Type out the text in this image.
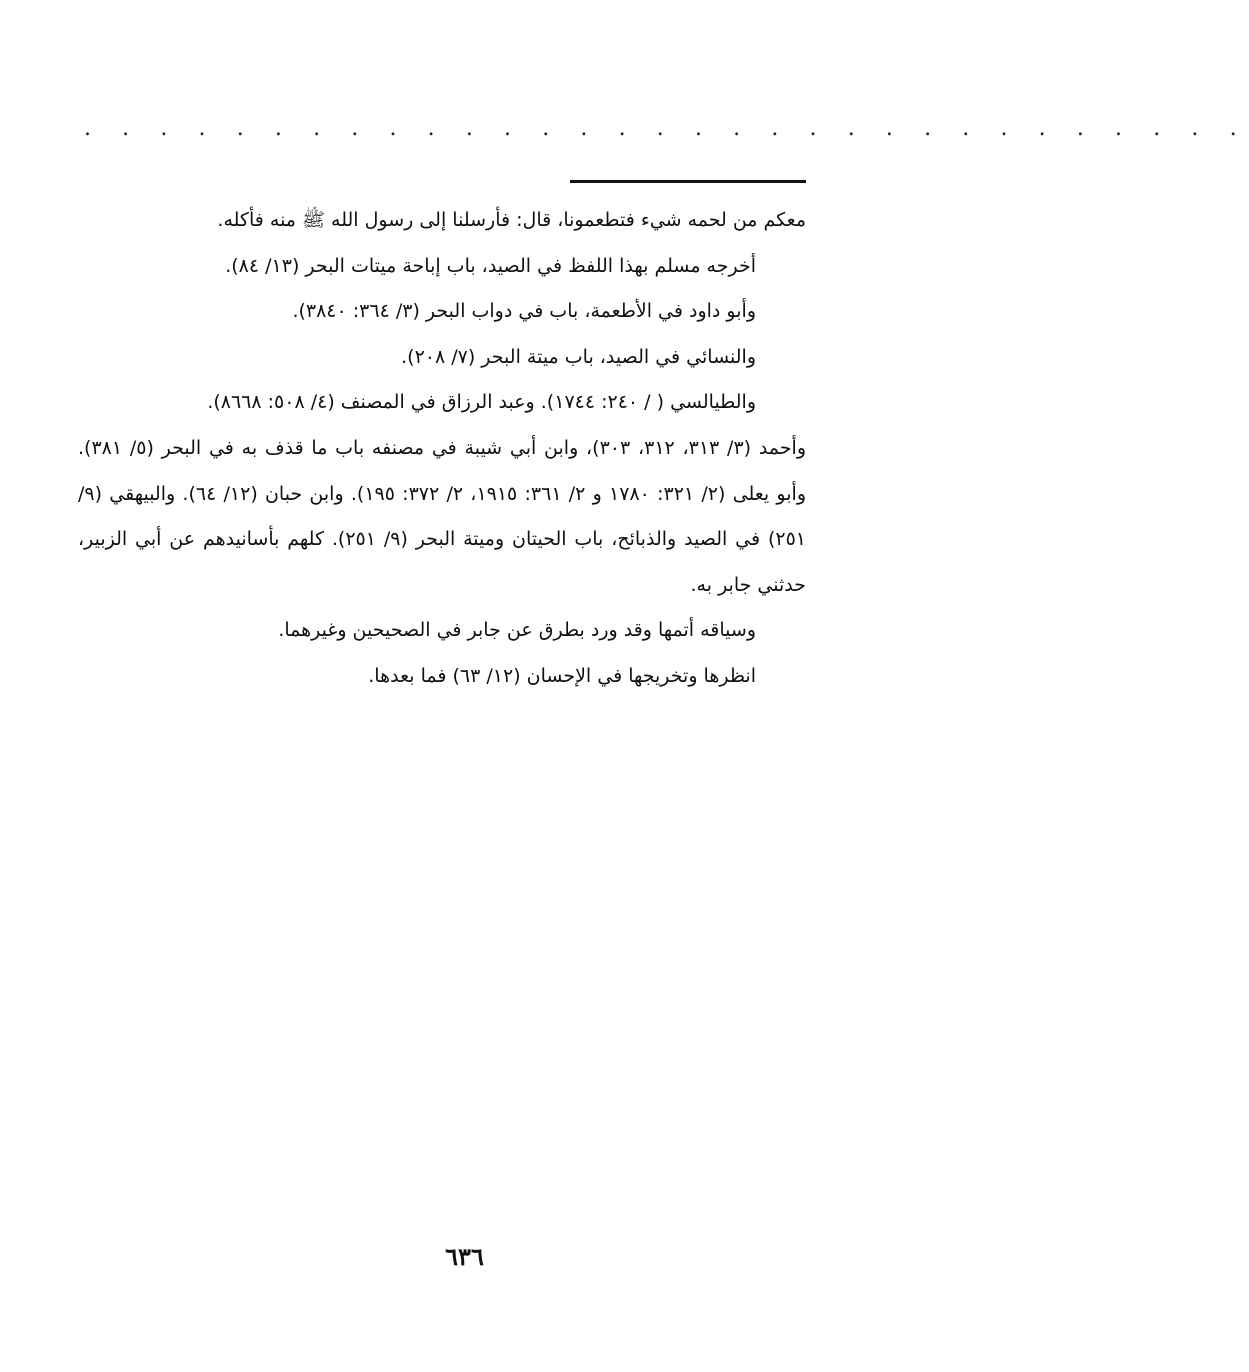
. . . . . . . . . . . . . . . . . . . . . . . . . . . . . . .

معكم من لحمه شيء فتطعمونا، قال: فأرسلنا إلى رسول الله ﷺ منه فأكله.

أخرجه مسلم بهذا اللفظ في الصيد، باب إباحة ميتات البحر (١٣/ ٨٤).

وأبو داود في الأطعمة، باب في دواب البحر (٣/ ٣٦٤: ٣٨٤٠).

والنسائي في الصيد، باب ميتة البحر (٧/ ٢٠٨).

والطيالسي ( / ٢٤٠: ١٧٤٤). وعبد الرزاق في المصنف (٤/ ٥٠٨: ٨٦٦٨).

وأحمد (٣/ ٣١٣، ٣١٢، ٣٠٣)، وابن أبي شيبة في مصنفه باب ما قذف به في البحر (٥/ ٣٨١). وأبو يعلى (٢/ ٣٢١: ١٧٨٠ و ٢/ ٣٦١: ١٩١٥، ٢/ ٣٧٢: ١٩٥). وابن حبان (١٢/ ٦٤). والبيهقي (٩/ ٢٥١) في الصيد والذبائح، باب الحيتان وميتة البحر (٩/ ٢٥١). كلهم بأسانيدهم عن أبي الزبير، حدثني جابر به.

وسياقه أتمها وقد ورد بطرق عن جابر في الصحيحين وغيرهما.

انظرها وتخريجها في الإحسان (١٢/ ٦٣) فما بعدها.

٦٣٦
